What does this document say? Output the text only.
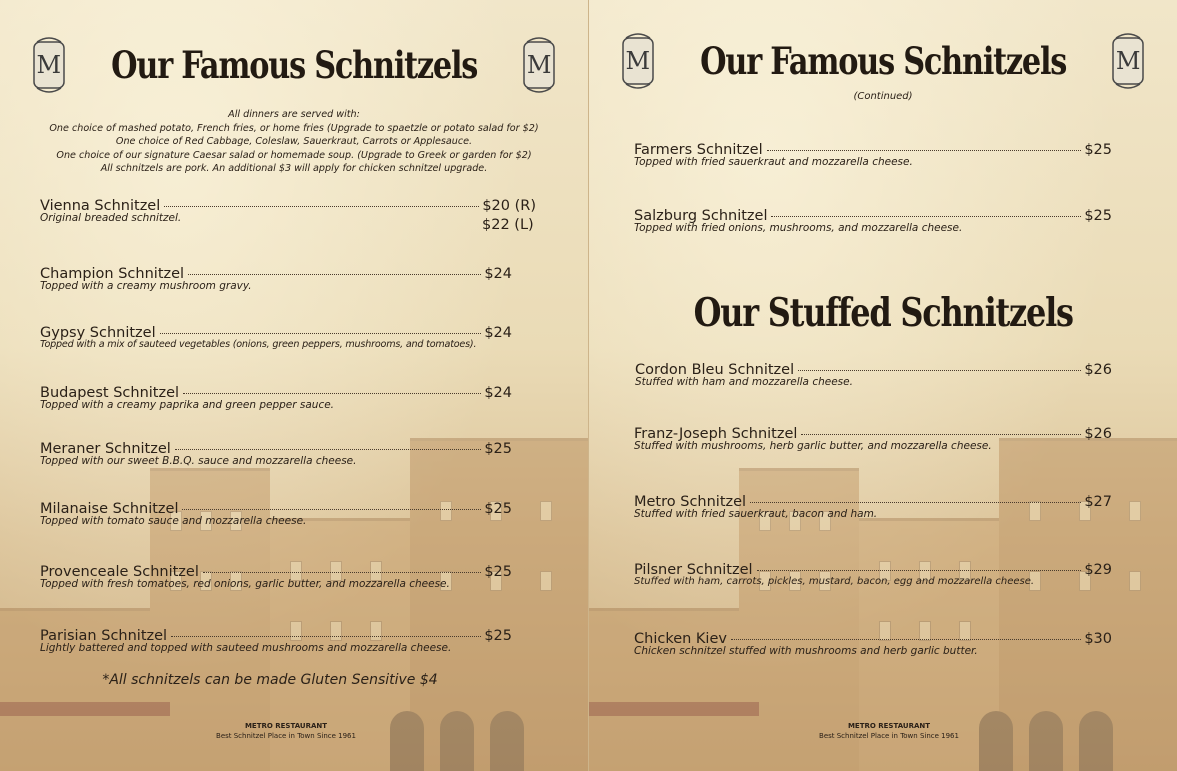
M Our Famous Schnitzels M
All dinners are served with:
One choice of mashed potato, French fries, or home fries (Upgrade to spaetzle or potato salad for $2)
One choice of Red Cabbage, Coleslaw, Sauerkraut, Carrots or Applesauce.
One choice of our signature Caesar salad or homemade soup. (Upgrade to Greek or garden for $2)
All schnitzels are pork. An additional $3 will apply for chicken schnitzel upgrade.
Vienna Schnitzel	$20 (R)
Original breaded schnitzel.	$22 (L)
Champion Schnitzel	$24
Topped with a creamy mushroom gravy.
Gypsy Schnitzel	$24
Topped with a mix of sauteed vegetables (onions, green peppers, mushrooms, and tomatoes).
Budapest Schnitzel	$24
Topped with a creamy paprika and green pepper sauce.
Meraner Schnitzel	$25
Topped with our sweet B.B.Q. sauce and mozzarella cheese.
Milanaise Schnitzel	$25
Topped with tomato sauce and mozzarella cheese.
Provenceale Schnitzel	$25
Topped with fresh tomatoes, red onions, garlic butter, and mozzarella cheese.
Parisian Schnitzel	$25
Lightly battered and topped with sauteed mushrooms and mozzarella cheese.
*All schnitzels can be made Gluten Sensitive $4
METRO RESTAURANT
Best Schnitzel Place in Town Since 1961
M Our Famous Schnitzels M
(Continued)
Farmers Schnitzel	$25
Topped with fried sauerkraut and mozzarella cheese.
Salzburg Schnitzel	$25
Topped with fried onions, mushrooms, and mozzarella cheese.
Our Stuffed Schnitzels
Cordon Bleu Schnitzel	$26
Stuffed with ham and mozzarella cheese.
Franz-Joseph Schnitzel	$26
Stuffed with mushrooms, herb garlic butter, and mozzarella cheese.
Metro Schnitzel	$27
Stuffed with fried sauerkraut, bacon and ham.
Pilsner Schnitzel	$29
Stuffed with ham, carrots, pickles, mustard, bacon, egg and mozzarella cheese.
Chicken Kiev	$30
Chicken schnitzel stuffed with mushrooms and herb garlic butter.
METRO RESTAURANT
Best Schnitzel Place in Town Since 1961
